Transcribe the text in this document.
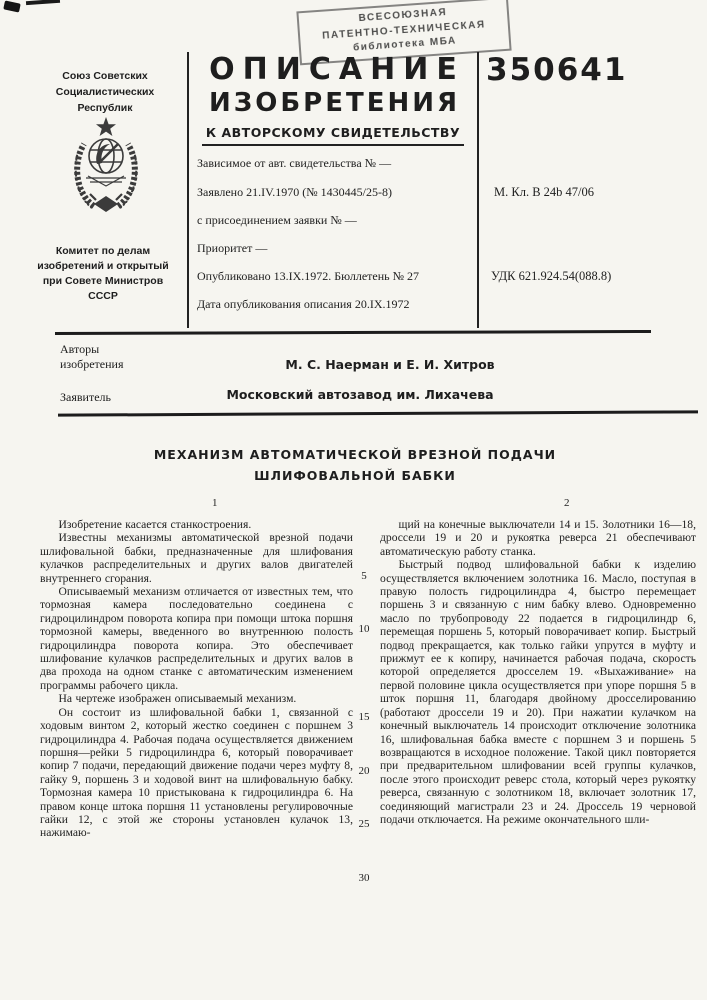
ВСЕСОЮЗНАЯ
ПАТЕНТНО-ТЕХНИЧЕСКАЯ
библиотека МБА
Союз Советских
Социалистических
Республик
Комитет по делам
изобретений и открытый
при Совете Министров
СССР
ОПИСАНИЕ
ИЗОБРЕТЕНИЯ
К АВТОРСКОМУ СВИДЕТЕЛЬСТВУ
350641
Зависимое от авт. свидетельства № —
Заявлено 21.IV.1970 (№ 1430445/25-8)
с присоединением заявки № —
Приоритет —
Опубликовано 13.IX.1972. Бюллетень № 27
Дата опубликования описания 20.IX.1972
М. Кл. B 24b 47/06
УДК 621.924.54(088.8)
Авторы
изобретения	М. С. Наерман и Е. И. Хитров
Заявитель	Московский автозавод им. Лихачева
МЕХАНИЗМ АВТОМАТИЧЕСКОЙ ВРЕЗНОЙ ПОДАЧИ
ШЛИФОВАЛЬНОЙ БАБКИ
1	2

Изобретение касается станкостроения.

Известны механизмы автоматической врезной подачи шлифовальной бабки, предназначенные для шлифования кулачков распределительных и других валов двигателей внутреннего сгорания.

Описываемый механизм отличается от известных тем, что тормозная камера последовательно соединена с гидроцилиндром поворота копира при помощи штока поршня тормозной камеры, введенного во внутреннюю полость гидроцилиндра поворота копира. Это обеспечивает шлифование кулачков распределительных и других валов в два прохода на одном станке с автоматическим изменением программы рабочего цикла.

На чертеже изображен описываемый механизм.

Он состоит из шлифовальной бабки 1, связанной с ходовым винтом 2, который жестко соединен с поршнем 3 гидроцилиндра 4. Рабочая подача осуществляется движением поршня—рейки 5 гидроцилиндра 6, который поворачивает копир 7 подачи, передающий движение подачи через муфту 8, гайку 9, поршень 3 и ходовой винт на шлифовальную бабку. Тормозная камера 10 пристыкована к гидроцилиндра 6. На правом конце штока поршня 11 установлены регулировочные гайки 12, с этой же стороны установлен кулачок 13, нажимаю-

щий на конечные выключатели 14 и 15. Золотники 16—18, дроссели 19 и 20 и рукоятка реверса 21 обеспечивают автоматическую работу станка.

Быстрый подвод шлифовальной бабки к изделию осуществляется включением золотника 16. Масло, поступая в правую полость гидроцилиндра 4, быстро перемещает поршень 3 и связанную с ним бабку влево. Одновременно масло по трубопроводу 22 подается в гидроцилиндр 6, перемещая поршень 5, который поворачивает копир. Быстрый подвод прекращается, как только гайки упрутся в муфту и прижмут ее к копиру, начинается рабочая подача, скорость которой определяется дросселем 19. «Выхаживание» на первой половине цикла осуществляется при упоре поршня 5 в шток поршня 11, благодаря двойному дросселированию (работают дроссели 19 и 20). При нажатии кулачком на конечный выключатель 14 происходит отключение золотника 16, шлифовальная бабка вместе с поршнем 3 и поршень 5 возвращаются в исходное положение. Такой цикл повторяется при предварительном шлифовании всей группы кулачков, после этого происходит реверс стола, который через рукоятку реверса, связанную с золотником 18, включает золотник 17, соединяющий магистрали 23 и 24. Дроссель 19 черновой подачи отключается. На режиме окончательного шли-

5
10
15
20
25
30
